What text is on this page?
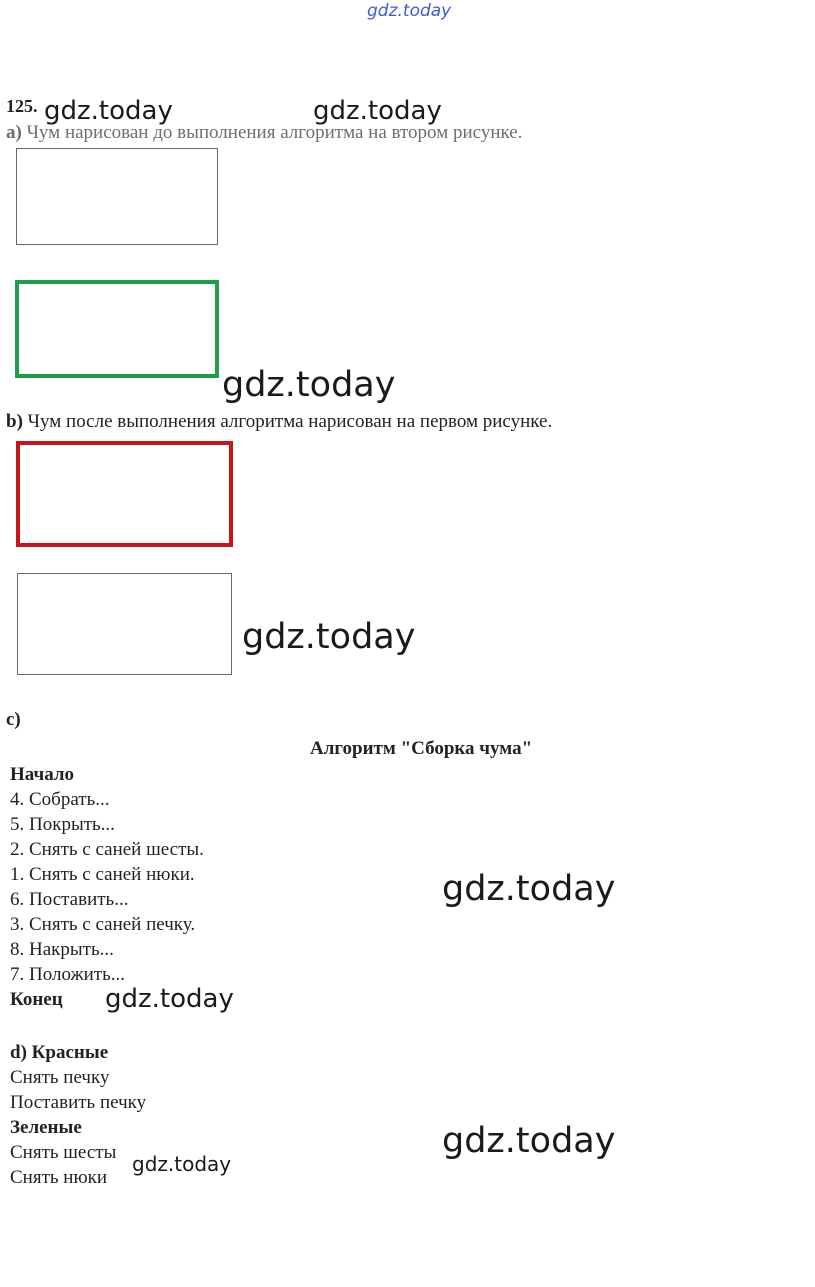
gdz.today
125. gdz.today	gdz.today
a) Чум нарисован до выполнения алгоритма на втором рисунке.
gdz.today
b) Чум после выполнения алгоритма нарисован на первом рисунке.
gdz.today
c)
Алгоритм "Сборка чума"
Начало
4. Собрать...
5. Покрыть...
2. Снять с саней шесты.
1. Снять с саней нюки.
6. Поставить...
3. Снять с саней печку.
8. Накрыть...
7. Положить...
Конец
gdz.today
gdz.today
d) Красные
Снять печку
Поставить печку
Зеленые
Снять шесты
Снять нюки
gdz.today
gdz.today
